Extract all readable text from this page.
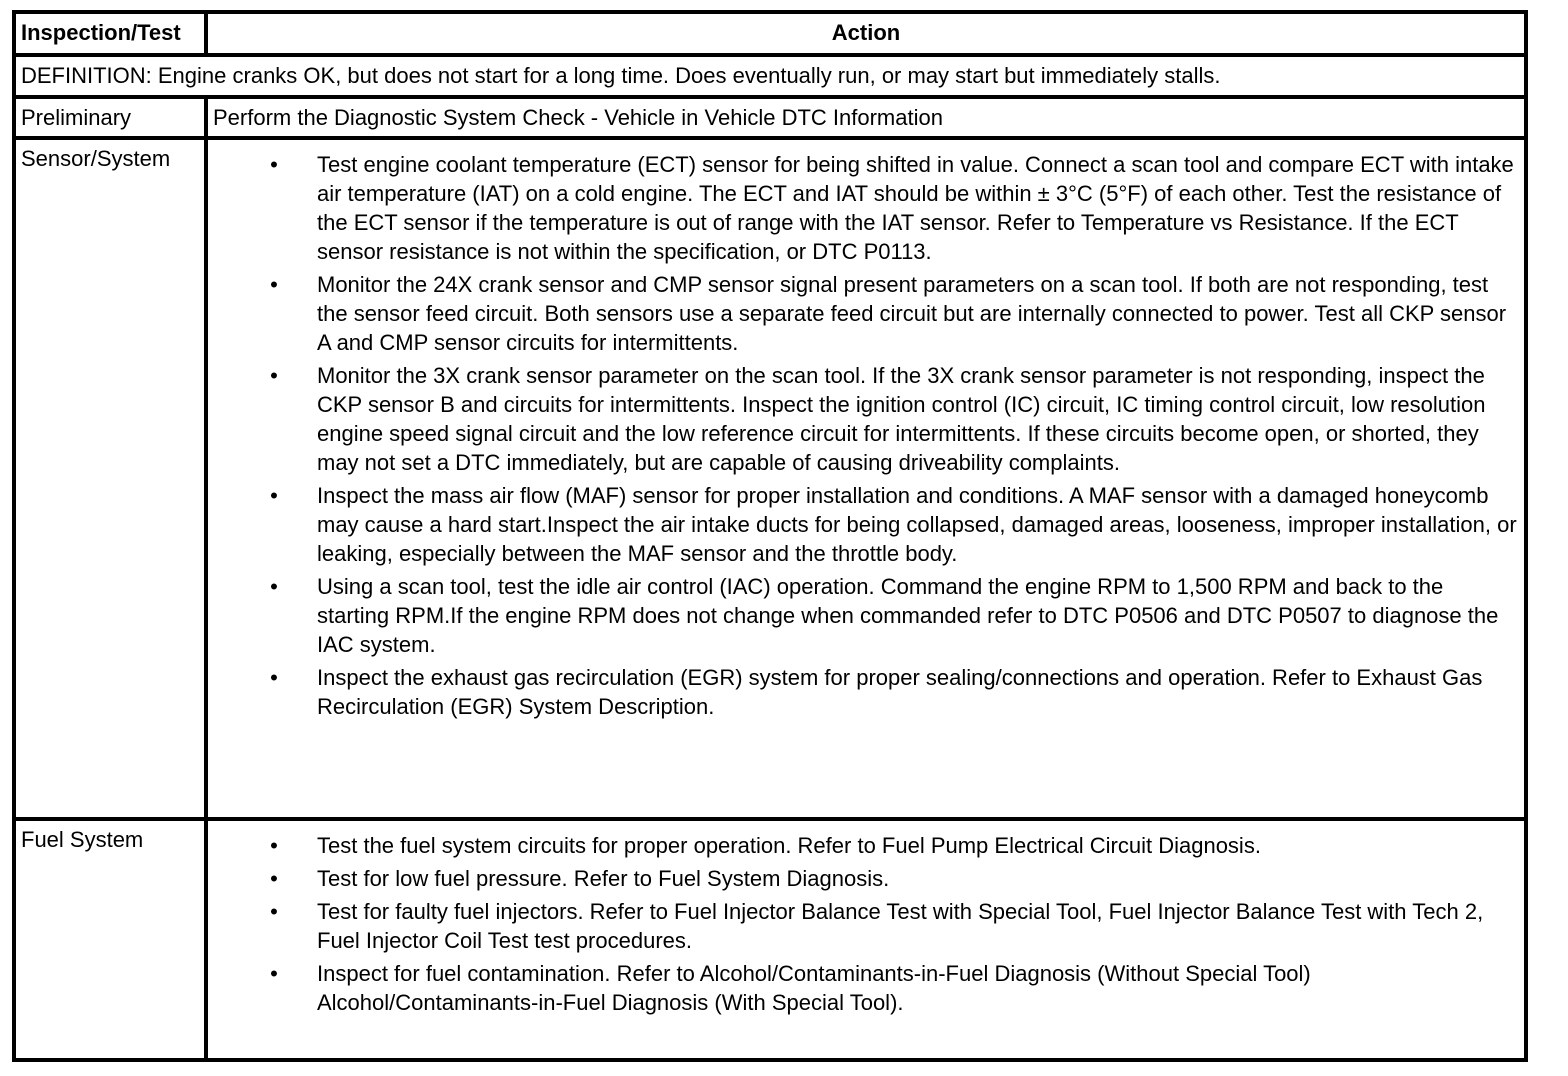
Inspection/Test	Action
DEFINITION: Engine cranks OK, but does not start for a long time. Does eventually run, or may start but immediately stalls.
Preliminary	Perform the Diagnostic System Check - Vehicle in Vehicle DTC Information
Sensor/System	• Test engine coolant temperature (ECT) sensor for being shifted in value. Connect a scan tool and compare ECT with intake air temperature (IAT) on a cold engine. The ECT and IAT should be within ± 3°C (5°F) of each other. Test the resistance of the ECT sensor if the temperature is out of range with the IAT sensor. Refer to Temperature vs Resistance. If the ECT sensor resistance is not within the specification, or DTC P0113.
• Monitor the 24X crank sensor and CMP sensor signal present parameters on a scan tool. If both are not responding, test the sensor feed circuit. Both sensors use a separate feed circuit but are internally connected to power. Test all CKP sensor A and CMP sensor circuits for intermittents.
• Monitor the 3X crank sensor parameter on the scan tool. If the 3X crank sensor parameter is not responding, inspect the CKP sensor B and circuits for intermittents. Inspect the ignition control (IC) circuit, IC timing control circuit, low resolution engine speed signal circuit and the low reference circuit for intermittents. If these circuits become open, or shorted, they may not set a DTC immediately, but are capable of causing driveability complaints.
• Inspect the mass air flow (MAF) sensor for proper installation and conditions. A MAF sensor with a damaged honeycomb may cause a hard start.Inspect the air intake ducts for being collapsed, damaged areas, looseness, improper installation, or leaking, especially between the MAF sensor and the throttle body.
• Using a scan tool, test the idle air control (IAC) operation. Command the engine RPM to 1,500 RPM and back to the starting RPM.If the engine RPM does not change when commanded refer to DTC P0506 and DTC P0507 to diagnose the IAC system.
• Inspect the exhaust gas recirculation (EGR) system for proper sealing/connections and operation. Refer to Exhaust Gas Recirculation (EGR) System Description.
Fuel System	• Test the fuel system circuits for proper operation. Refer to Fuel Pump Electrical Circuit Diagnosis.
• Test for low fuel pressure. Refer to Fuel System Diagnosis.
• Test for faulty fuel injectors. Refer to Fuel Injector Balance Test with Special Tool, Fuel Injector Balance Test with Tech 2, Fuel Injector Coil Test test procedures.
• Inspect for fuel contamination. Refer to Alcohol/Contaminants-in-Fuel Diagnosis (Without Special Tool) Alcohol/Contaminants-in-Fuel Diagnosis (With Special Tool).
